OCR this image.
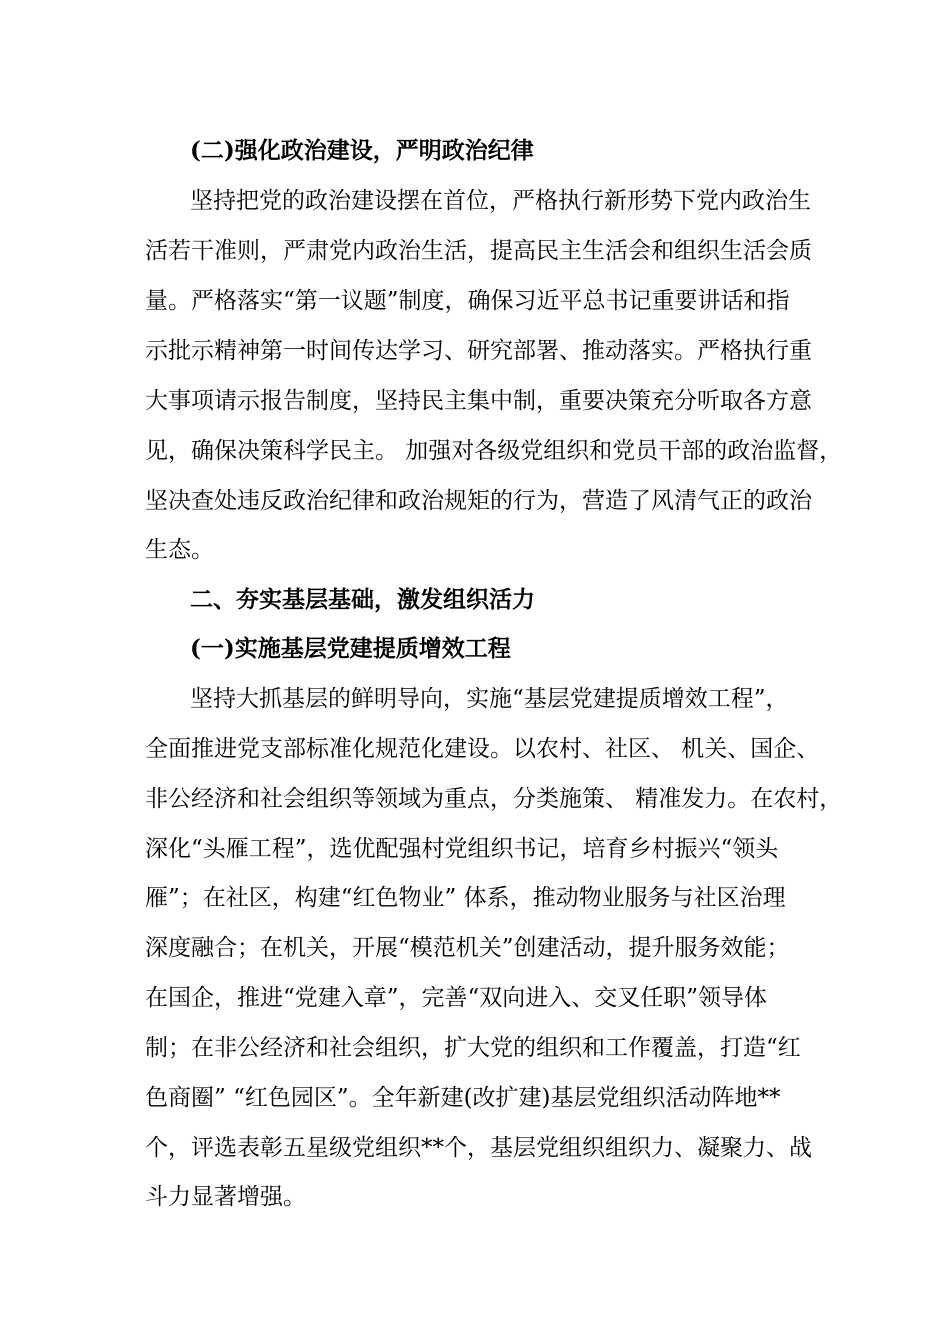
(二)强化政治建设，严明政治纪律
坚持把党的政治建设摆在首位，严格执行新形势下党内政治生
活若干准则，严肃党内政治生活，提高民主生活会和组织生活会质
量。严格落实“第一议题”制度，确保习近平总书记重要讲话和指
示批示精神第一时间传达学习、研究部署、推动落实。严格执行重
大事项请示报告制度，坚持民主集中制，重要决策充分听取各方意
见，确保决策科学民主。 加强对各级党组织和党员干部的政治监督，
坚决查处违反政治纪律和政治规矩的行为，营造了风清气正的政治
生态。
二、夯实基层基础，激发组织活力
(一)实施基层党建提质增效工程
坚持大抓基层的鲜明导向，实施“基层党建提质增效工程”，
全面推进党支部标准化规范化建设。以农村、社区、 机关、国企、
非公经济和社会组织等领域为重点，分类施策、 精准发力。在农村，
深化“头雁工程”，选优配强村党组织书记，培育乡村振兴“领头
雁”；在社区，构建“红色物业” 体系，推动物业服务与社区治理
深度融合；在机关，开展“模范机关”创建活动，提升服务效能；
在国企，推进“党建入章”，完善“双向进入、交叉任职”领导体
制；在非公经济和社会组织，扩大党的组织和工作覆盖，打造“红
色商圈” “红色园区”。全年新建(改扩建)基层党组织活动阵地**
个，评选表彰五星级党组织**个，基层党组织组织力、凝聚力、战
斗力显著增强。
